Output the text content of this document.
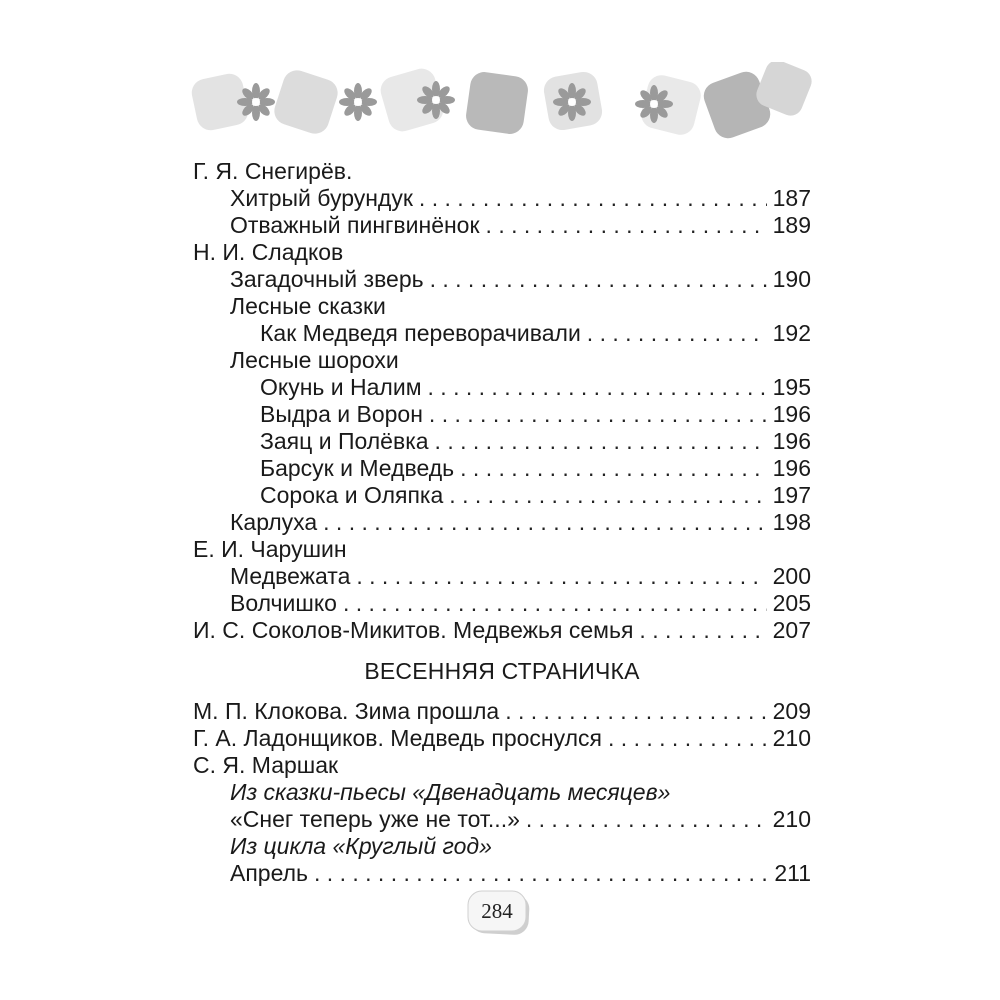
Г. Я. Снегирёв.
Хитрый бурундук . . .	187
Отважный пингвинёнок . . .	189
Н. И. Сладков
Загадочный зверь . . .	190
Лесные сказки
Как Медведя переворачивали . . .	192
Лесные шорохи
Окунь и Налим . . .	195
Выдра и Ворон . . .	196
Заяц и Полёвка . . .	196
Барсук и Медведь . . .	196
Сорока и Оляпка . . .	197
Карлуха . . .	198
Е. И. Чарушин
Медвежата . . .	200
Волчишко . . .	205
И. С. Соколов-Микитов. Медвежья семья . . .	207
ВЕСЕННЯЯ СТРАНИЧКА
М. П. Клокова. Зима прошла . . .	209
Г. А. Ладонщиков. Медведь проснулся . . .	210
С. Я. Маршак
Из сказки-пьесы «Двенадцать месяцев»
«Снег теперь уже не тот...» . . .	210
Из цикла «Круглый год»
Апрель . . .	211
284
